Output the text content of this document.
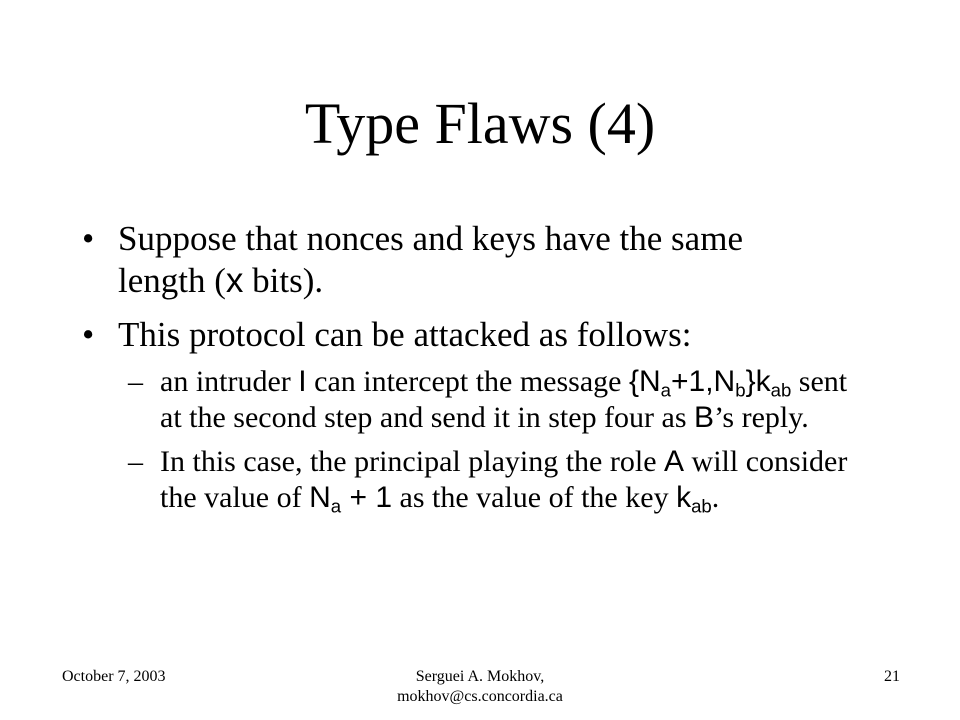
Type Flaws (4)
• Suppose that nonces and keys have the same length (x bits).
• This protocol can be attacked as follows:
– an intruder I can intercept the message $\{N_a+1,N_b\}k_{ab}$ sent at the second step and send it in step four as B’s reply.
– In this case, the principal playing the role A will consider the value of $N_a + 1$ as the value of the key $k_{ab}$.
October 7, 2003	Serguei A. Mokhov,
mokhov@cs.concordia.ca
21
